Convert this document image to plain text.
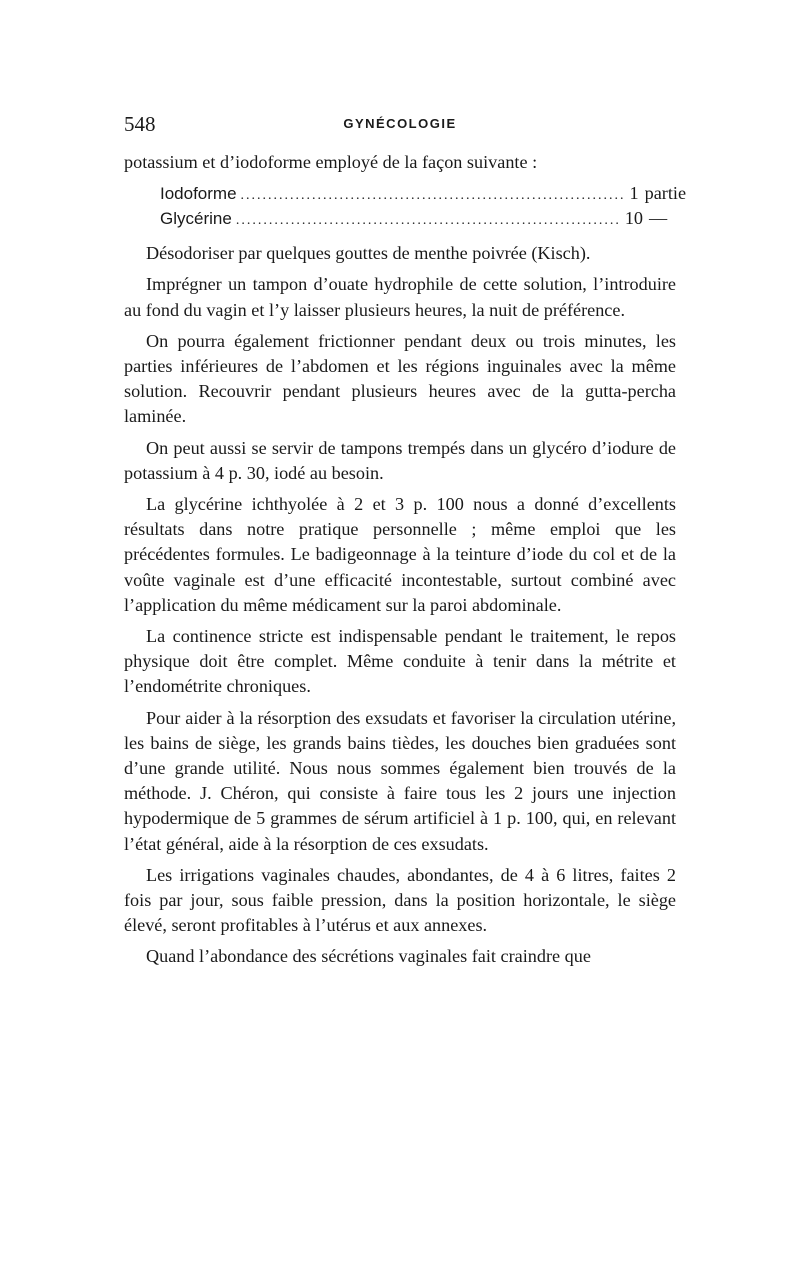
548	GYNÉCOLOGIE

potassium et d’iodoforme employé de la façon suivante :

Iodoforme ...................................................................... 1 partie
Glycérine ...................................................................... 10 —

Désodoriser par quelques gouttes de menthe poivrée (Kisch).

Imprégner un tampon d’ouate hydrophile de cette solution, l’introduire au fond du vagin et l’y laisser plusieurs heures, la nuit de préférence.

On pourra également frictionner pendant deux ou trois minutes, les parties inférieures de l’abdomen et les régions inguinales avec la même solution. Recouvrir pendant plusieurs heures avec de la gutta-percha laminée.

On peut aussi se servir de tampons trempés dans un glycéro d’iodure de potassium à 4 p. 30, iodé au besoin.

La glycérine ichthyolée à 2 et 3 p. 100 nous a donné d’excellents résultats dans notre pratique personnelle ; même emploi que les précédentes formules. Le badigeonnage à la teinture d’iode du col et de la voûte vaginale est d’une efficacité incontestable, surtout combiné avec l’application du même médicament sur la paroi abdominale.

La continence stricte est indispensable pendant le traitement, le repos physique doit être complet. Même conduite à tenir dans la métrite et l’endométrite chroniques.

Pour aider à la résorption des exsudats et favoriser la circulation utérine, les bains de siège, les grands bains tièdes, les douches bien graduées sont d’une grande utilité. Nous nous sommes également bien trouvés de la méthode. J. Chéron, qui consiste à faire tous les 2 jours une injection hypodermique de 5 grammes de sérum artificiel à 1 p. 100, qui, en relevant l’état général, aide à la résorption de ces exsudats.

Les irrigations vaginales chaudes, abondantes, de 4 à 6 litres, faites 2 fois par jour, sous faible pression, dans la position horizontale, le siège élevé, seront profitables à l’utérus et aux annexes.

Quand l’abondance des sécrétions vaginales fait craindre que
